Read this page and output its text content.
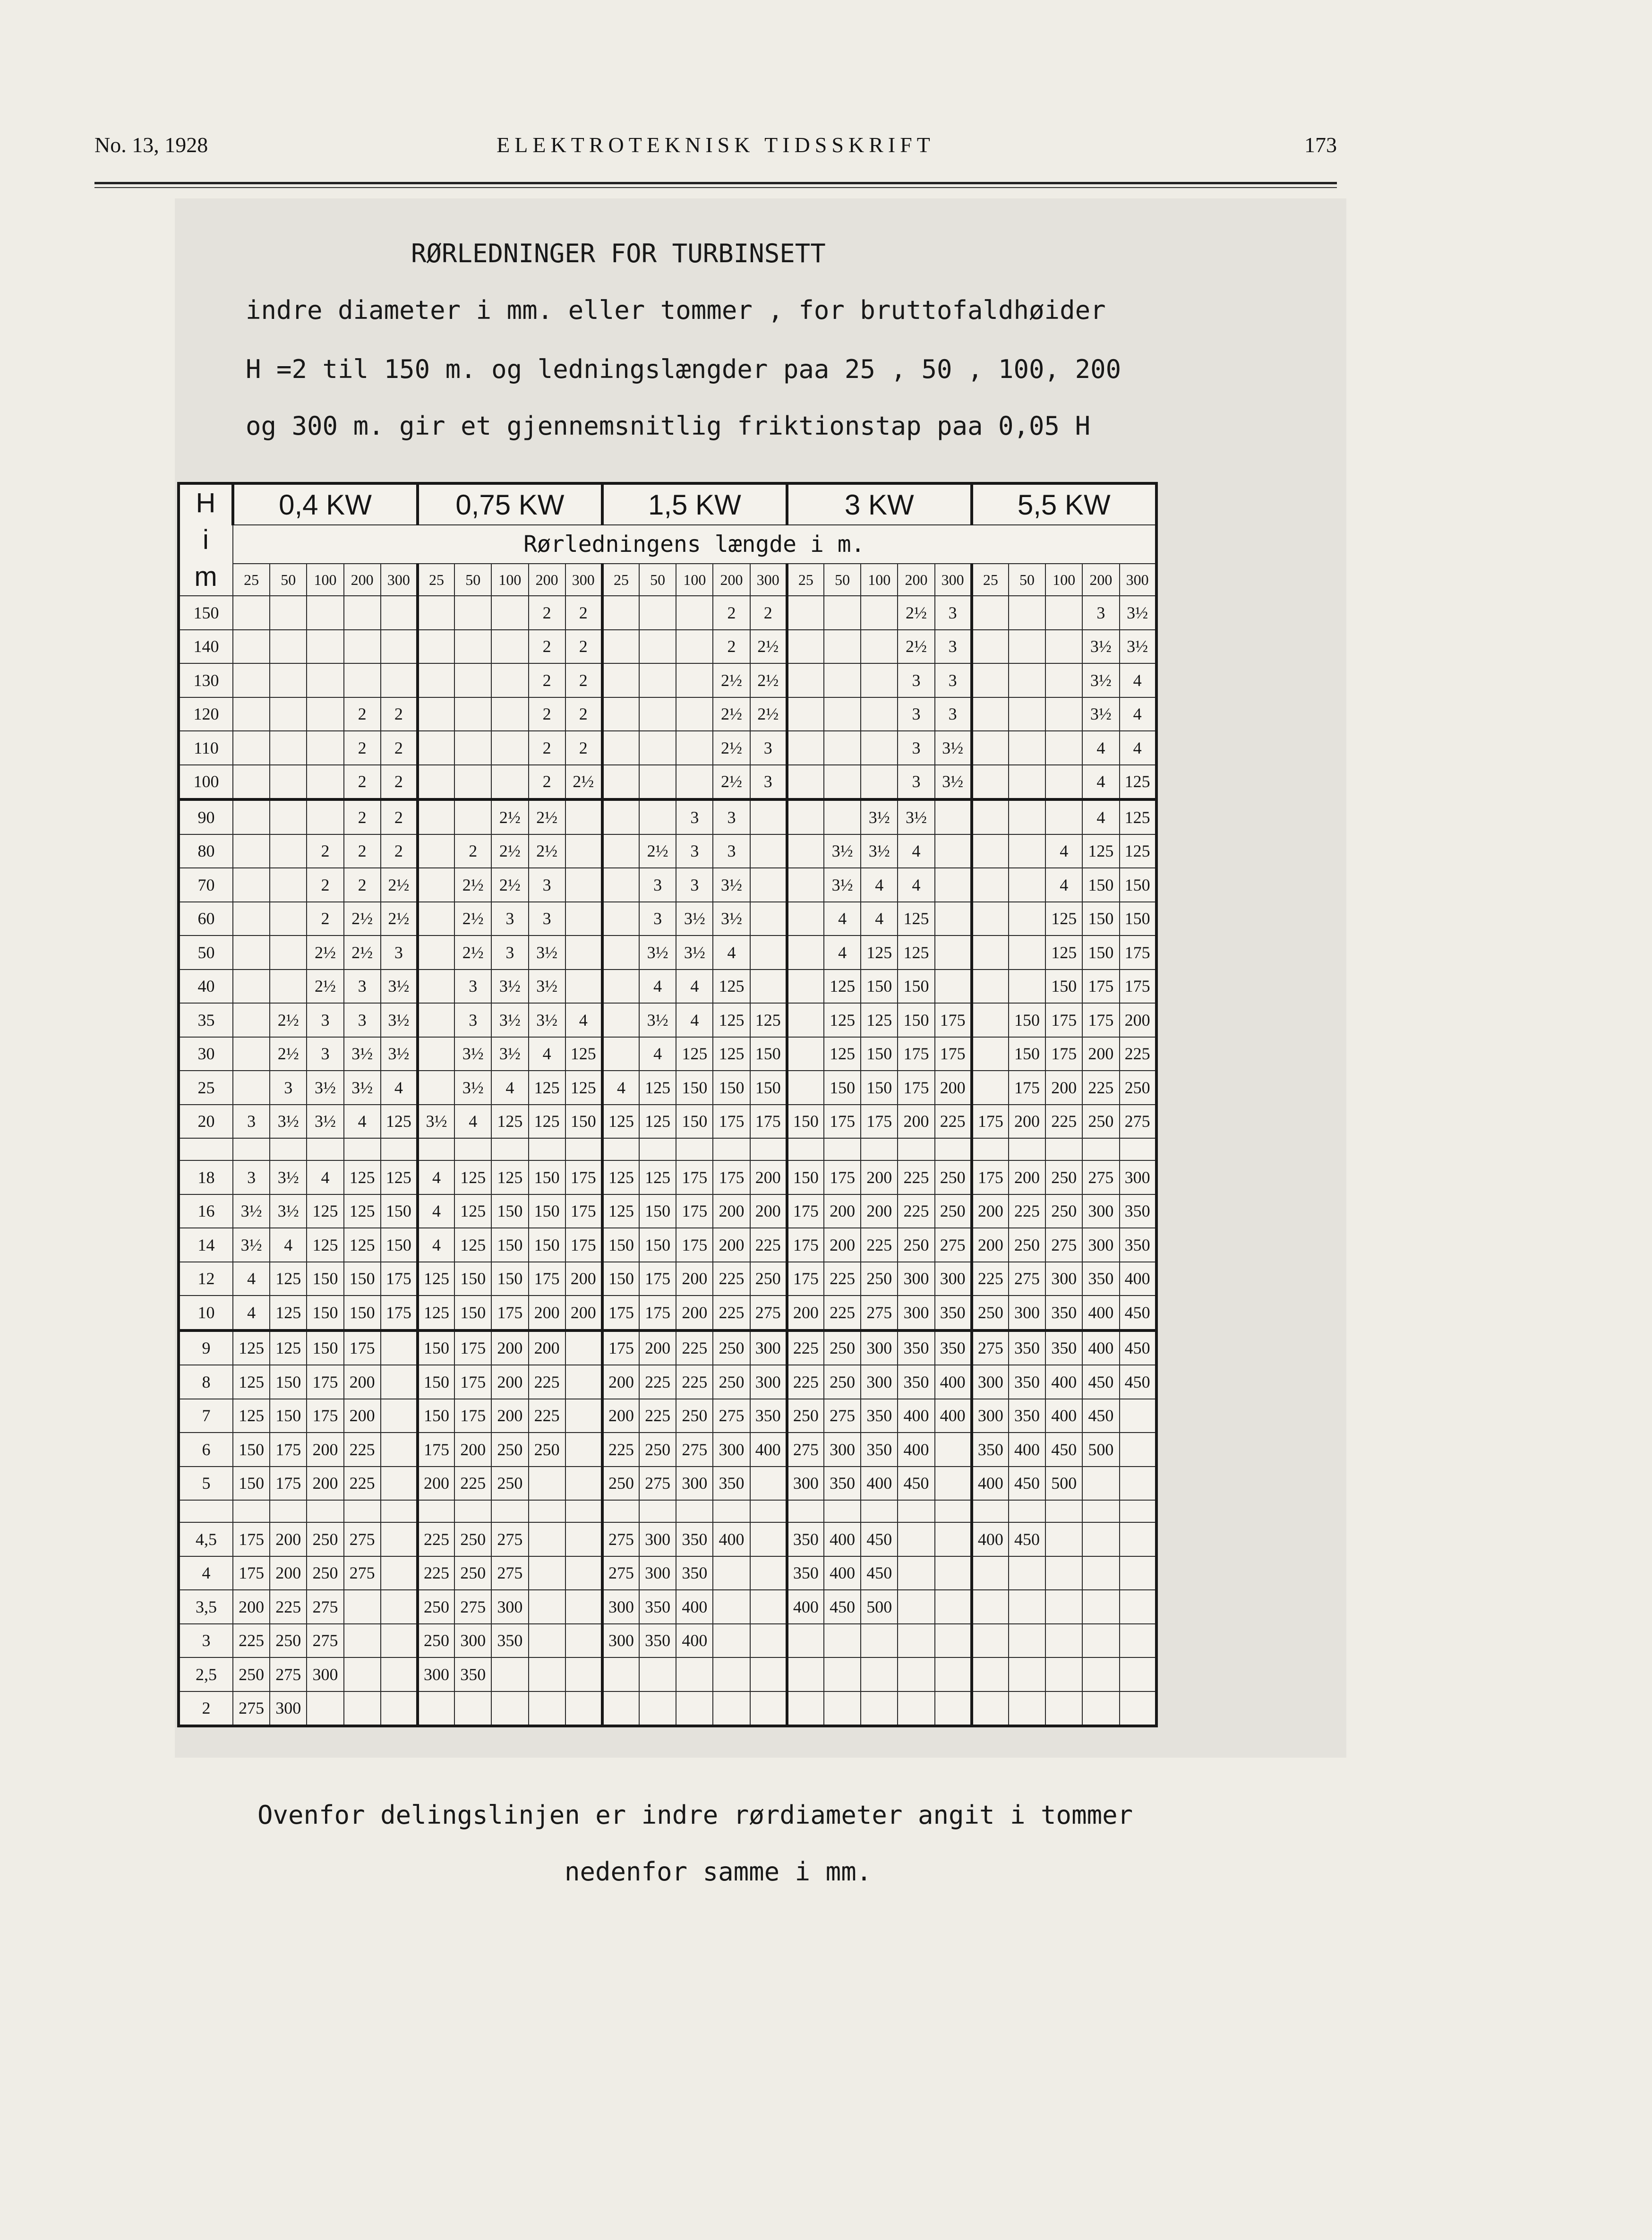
No. 13, 1928	ELEKTROTEKNISK TIDSSKRIFT	173
RØRLEDNINGER FOR TURBINSETT
indre diameter i mm. eller tommer , for bruttofaldhøider
H =2 til 150 m. og ledningslængder paa 25 , 50 , 100, 200
og 300 m. gir et gjennemsnitlig friktionstap paa 0,05 H
H
i
m	0,4 KW					0,75 KW					1,5 KW					3 KW					5,5 KW				
	Rørledningens længde i m.																								
	25	50	100	200	300	25	50	100	200	300	25	50	100	200	300	25	50	100	200	300	25	50	100	200	300
150									2	2				2	2				2½	3				3	3½
140									2	2				2	2½				2½	3				3½	3½
130									2	2				2½	2½				3	3				3½	4
120				2	2				2	2				2½	2½				3	3				3½	4
110				2	2				2	2				2½	3				3	3½				4	4
100				2	2				2	2½				2½	3				3	3½				4	125
90				2	2			2½	2½				3	3				3½	3½					4	125
80			2	2	2		2	2½	2½			2½	3	3			3½	3½	4				4	125	125
70			2	2	2½		2½	2½	3			3	3	3½			3½	4	4				4	150	150
60			2	2½	2½		2½	3	3			3	3½	3½			4	4	125				125	150	150
50			2½	2½	3		2½	3	3½			3½	3½	4			4	125	125				125	150	175
40			2½	3	3½		3	3½	3½			4	4	125			125	150	150				150	175	175
35		2½	3	3	3½		3	3½	3½	4		3½	4	125	125		125	125	150	175		150	175	175	200
30		2½	3	3½	3½		3½	3½	4	125		4	125	125	150		125	150	175	175		150	175	200	225
25		3	3½	3½	4		3½	4	125	125	4	125	150	150	150		150	150	175	200		175	200	225	250
20	3	3½	3½	4	125	3½	4	125	125	150	125	125	150	175	175	150	175	175	200	225	175	200	225	250	275

18	3	3½	4	125	125	4	125	125	150	175	125	125	175	175	200	150	175	200	225	250	175	200	250	275	300
16	3½	3½	125	125	150	4	125	150	150	175	125	150	175	200	200	175	200	200	225	250	200	225	250	300	350
14	3½	4	125	125	150	4	125	150	150	175	150	150	175	200	225	175	200	225	250	275	200	250	275	300	350
12	4	125	150	150	175	125	150	150	175	200	150	175	200	225	250	175	225	250	300	300	225	275	300	350	400
10	4	125	150	150	175	125	150	175	200	200	175	175	200	225	275	200	225	275	300	350	250	300	350	400	450
9	125	125	150	175		150	175	200	200		175	200	225	250	300	225	250	300	350	350	275	350	350	400	450
8	125	150	175	200		150	175	200	225		200	225	225	250	300	225	250	300	350	400	300	350	400	450	450
7	125	150	175	200		150	175	200	225		200	225	250	275	350	250	275	350	400	400	300	350	400	450	
6	150	175	200	225		175	200	250	250		225	250	275	300	400	275	300	350	400		350	400	450	500	
5	150	175	200	225		200	225	250			250	275	300	350		300	350	400	450		400	450	500		

4,5	175	200	250	275		225	250	275			275	300	350	400		350	400	450			400	450			
4	175	200	250	275		225	250	275			275	300	350			350	400	450							
3,5	200	225	275			250	275	300			300	350	400			400	450	500							
3	225	250	275			250	300	350			300	350	400												
2,5	250	275	300			300	350																		
2	275	300																							
Ovenfor delingslinjen er indre rørdiameter angit i tommer
nedenfor samme i mm.
